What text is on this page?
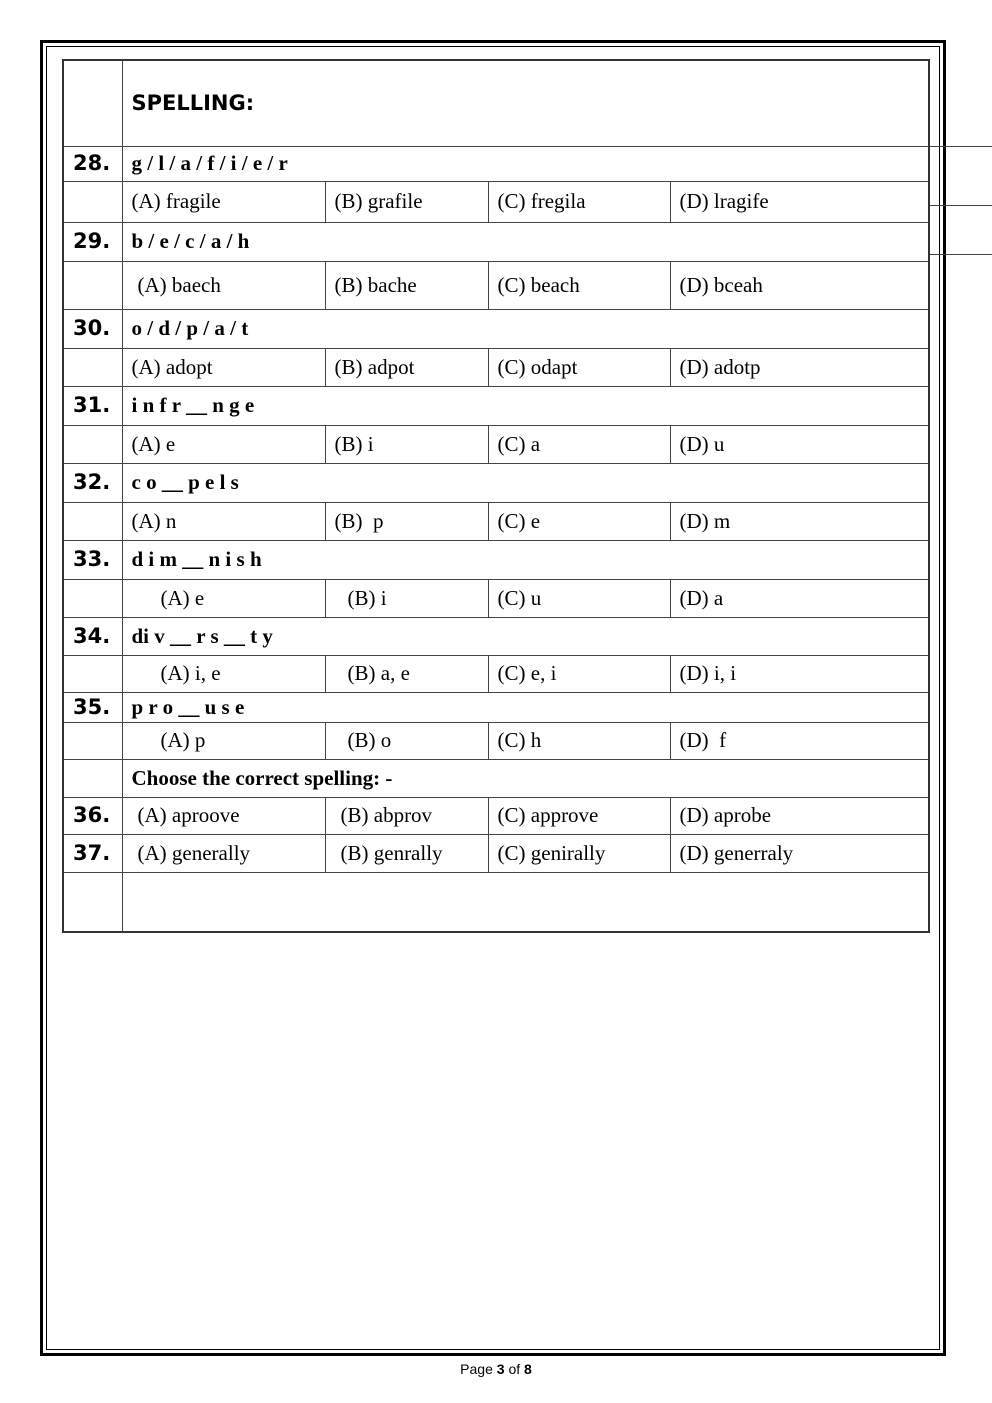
	SPELLING:			
28.	g / l / a / f / i / e / r			
	(A) fragile	(B) grafile	(C) fregila	(D) lragife
29.	b / e / c / a / h			
	(A) baech	(B) bache	(C) beach	(D) bceah
30.	o / d / p / a / t			
	(A) adopt	(B) adpot	(C) odapt	(D) adotp
31.	i n f r __ n g e			
	(A) e	(B) i	(C) a	(D) u
32.	c o __ p e l s			
	(A) n	(B)  p	(C) e	(D) m
33.	d i m __ n i s h			
	(A) e	(B) i	(C) u	(D) a
34.	di v __ r s __ t y			
	(A) i, e	(B) a, e	(C) e, i	(D) i, i
35.	p r o __ u s e			
	(A) p	(B) o	(C) h	(D)  f
	Choose the correct spelling: -			
36.	(A) aproove	(B) abprov	(C) approve	(D) aprobe
37.	(A) generally	(B) genrally	(C) genirally	(D) generraly

Page 3 of 8
